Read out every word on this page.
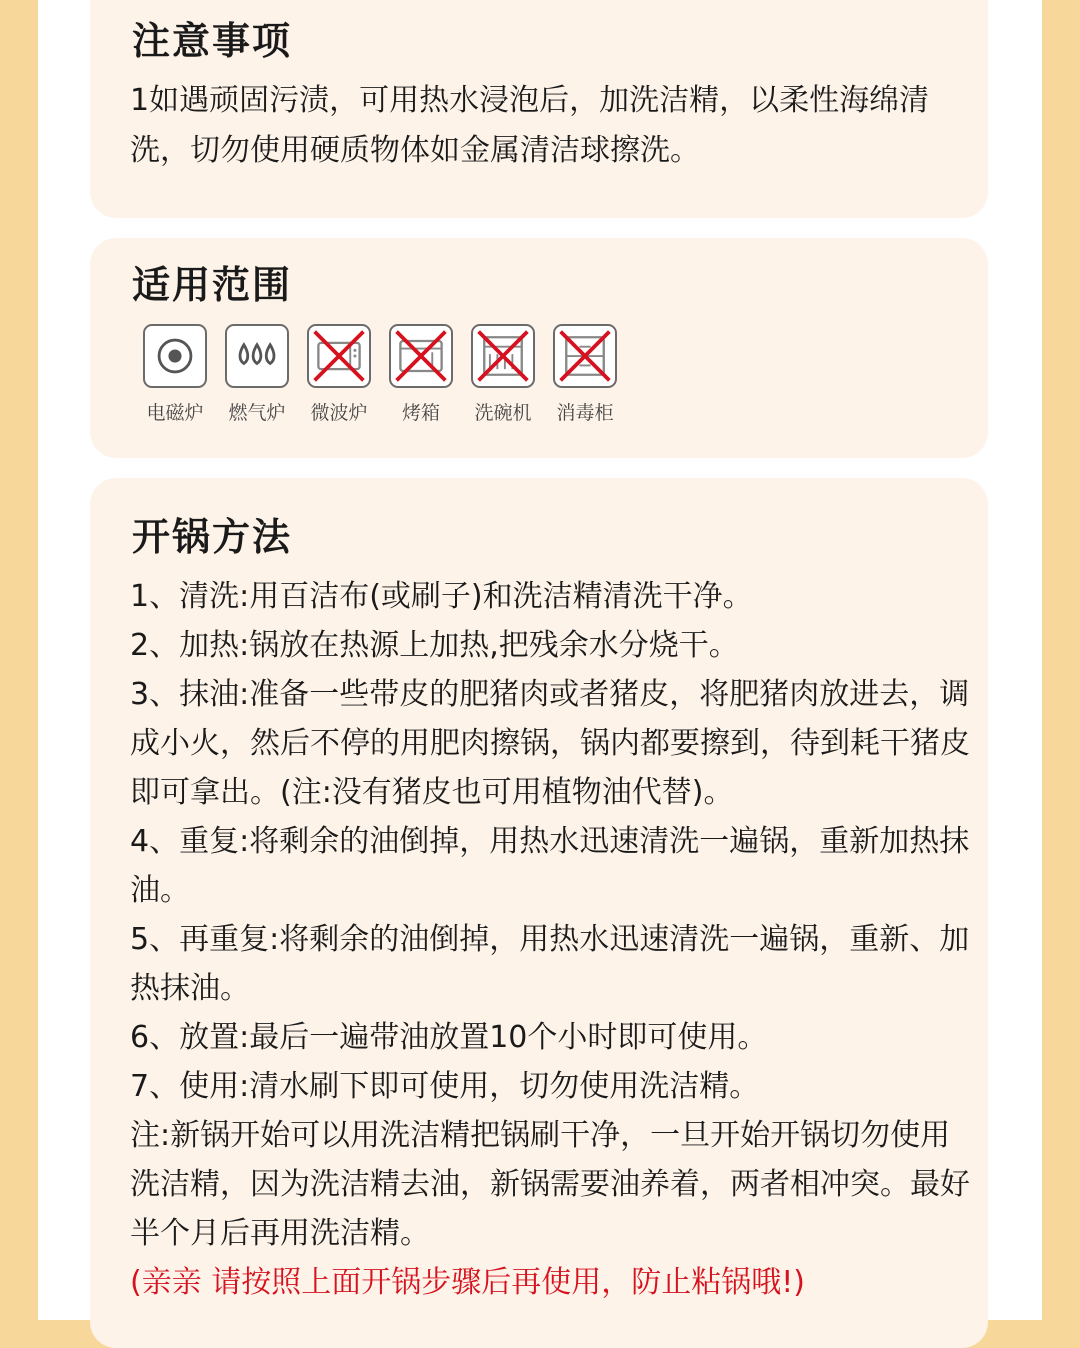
注意事项
1如遇顽固污渍，可用热水浸泡后，加洗洁精，以柔性海绵清洗，切勿使用硬质物体如金属清洁球擦洗。
适用范围
电磁炉 燃气炉 微波炉 烤箱 洗碗机 消毒柜
开锅方法
1、清洗:用百洁布(或刷子)和洗洁精清洗干净。
2、加热:锅放在热源上加热,把残余水分烧干。
3、抹油:准备一些带皮的肥猪肉或者猪皮，将肥猪肉放进去，调成小火，然后不停的用肥肉擦锅，锅内都要擦到，待到耗干猪皮即可拿出。(注:没有猪皮也可用植物油代替)。
4、重复:将剩余的油倒掉，用热水迅速清洗一遍锅，重新加热抹油。
5、再重复:将剩余的油倒掉，用热水迅速清洗一遍锅，重新、加热抹油。
6、放置:最后一遍带油放置10个小时即可使用。
7、使用:清水刷下即可使用，切勿使用洗洁精。
注:新锅开始可以用洗洁精把锅刷干净，一旦开始开锅切勿使用洗洁精，因为洗洁精去油，新锅需要油养着，两者相冲突。最好半个月后再用洗洁精。
(亲亲 请按照上面开锅步骤后再使用，防止粘锅哦!)
